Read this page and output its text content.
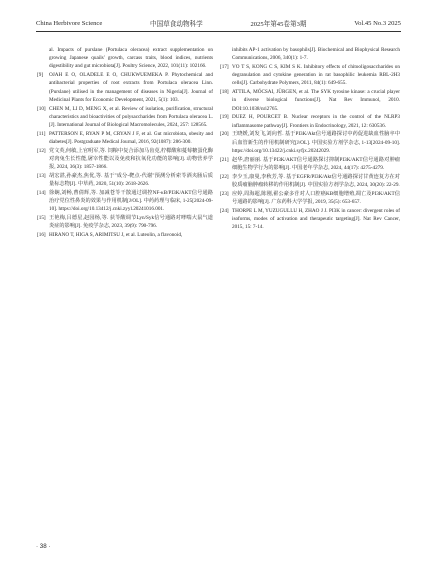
China Herbivore Science	中国草食动物科学	2025年第45卷第3期	Vol.45 No.3 2025
al. Impacts of purslane (Portulaca oleracea) extract supplementation on growing Japanese quails' growth, carcass traits, blood indices, nutrients digestibility and gut microbiota[J]. Poultry Science, 2022, 101(11): 102166.
[9] OJAH E O, OLADELE E O, CHUKWUEMEKA P. Phytochemical and antibacterial properties of root extracts from Portulaca oleracea Linn. (Purslane) utilised in the management of diseases in Nigeria[J]. Journal of Medicinal Plants for Economic Development, 2021, 5(1): 103.
[10] CHEN M, LI D, MENG X, et al. Review of isolation, purification, structural characteristics and bioactivities of polysaccharides from Portulaca oleracea L.[J]. International Journal of Biological Macromolecules, 2024, 257: 128565.
[11] PATTERSON E, RYAN P M, CRYAN J F, et al. Gut microbiota, obesity and diabetes[J]. Postgraduate Medical Journal, 2016, 92(1087): 286-300.
[12] 党文英,何敏,上官明军,等. 饲粮中复合添加马齿苋,柠檬酸和蔓莓糖蛋化酶对肉兔生长性能,屠宰性能以及免疫和抗氧化功能的影响[J]. 动物营养学报, 2024, 36(3): 1857-1866.
[13] 胡宏湛,孙豪杰,焦优,等. 基于"成分-靶点-代谢"预测分析索苓酒夹肠后质量标志物[J]. 中草药, 2020, 51(10): 2618-2626.
[14] 徐娴,刘畅,曹倩辉,等. 加减苍苓干散通过调控NF-κB/PI3K/AKT信号通路治疗党位性鼻炎的效果与作用机制[J/OL]. 中药药理与临床, 1-25[2024-09-10]. https://doi.org/10.13412/j.cnki.zyyl.20241016.001.
[15] 王艳梅,吕德星,赵园杨,等. 获苓酸调节Lyn/Syk信号通路对哮喘大鼠气道炎症的影响[J]. 免疫学杂志, 2023, 39(9): 790-796.
[16] HIRANO T, HIGA S, ARIMITSU J, et al. Luteolin, a flavonoid,
inhibits AP-1 activation by basophils[J]. Biochemical and Biophysical Research Communications, 2006, 340(1): 1-7.
[17] VO T S, KONG C S, KIM S K. Inhibitory effects of chitooligosaccharides on degranulation and cytokine generation in rat basophilic leukemia RBL-2H3 cells[J]. Carbohydrate Polymers, 2011, 84(1): 649-655.
[18] ATTILA, MÓCSAI, JÜRGEN, et al. The SYK tyrosine kinase: a crucial player in diverse biological functions[J]. Nat Rev Immunol, 2010. DOI:10.1038/nri2765.
[19] DUEZ H, POURCET B. Nuclear receptors in the control of the NLRP3 inflammasome pathway[J]. Frontiers in Endocrinology, 2021, 12: 630536.
[20] 王晓媛,刘发飞,刘向哲. 基于PI3K/Akt信号通路探讨中药促进缺血性脑卒中后血管新生的作用机制研究[J/OL]. 中国实验方剂学杂志, 1-13[2024-09-10]. https://doi.org/10.13422/j.cnki.syfjx.20242029.
[21] 赵华,唐丽丽. 基于PI3K/AKT信号通路探讨抑制PI3K/AKT信号通路对肿瘤细胞生物学行为的影响[J]. 中国老年学杂志, 2024, 44(17): 4275-4279.
[22] 李少玉,康曼,李秋芳,等. 基于EGFR/PI3K/Akt信号通路探讨甘黄连复方在对胶质瘤脑肿瘤转移的作用机制[J]. 中国实验方剂学杂志, 2024, 30(20): 22-29.
[23] 应婷,周海超,陈刚,翟公豪多苷对人口腔癌KB细胞增殖,凋亡及PI3K/AKT信号通路的影响[J]. 广东药科大学学报, 2019, 35(5): 653-657.
[24] THORPE L M, YUZUGULLU H, ZHAO J J. PI3K in cancer: divergent roles of isoforms, modes of activation and therapeutic targeting[J]. Nat Rev Cancer, 2015, 15: 7-14.
· 38 ·
